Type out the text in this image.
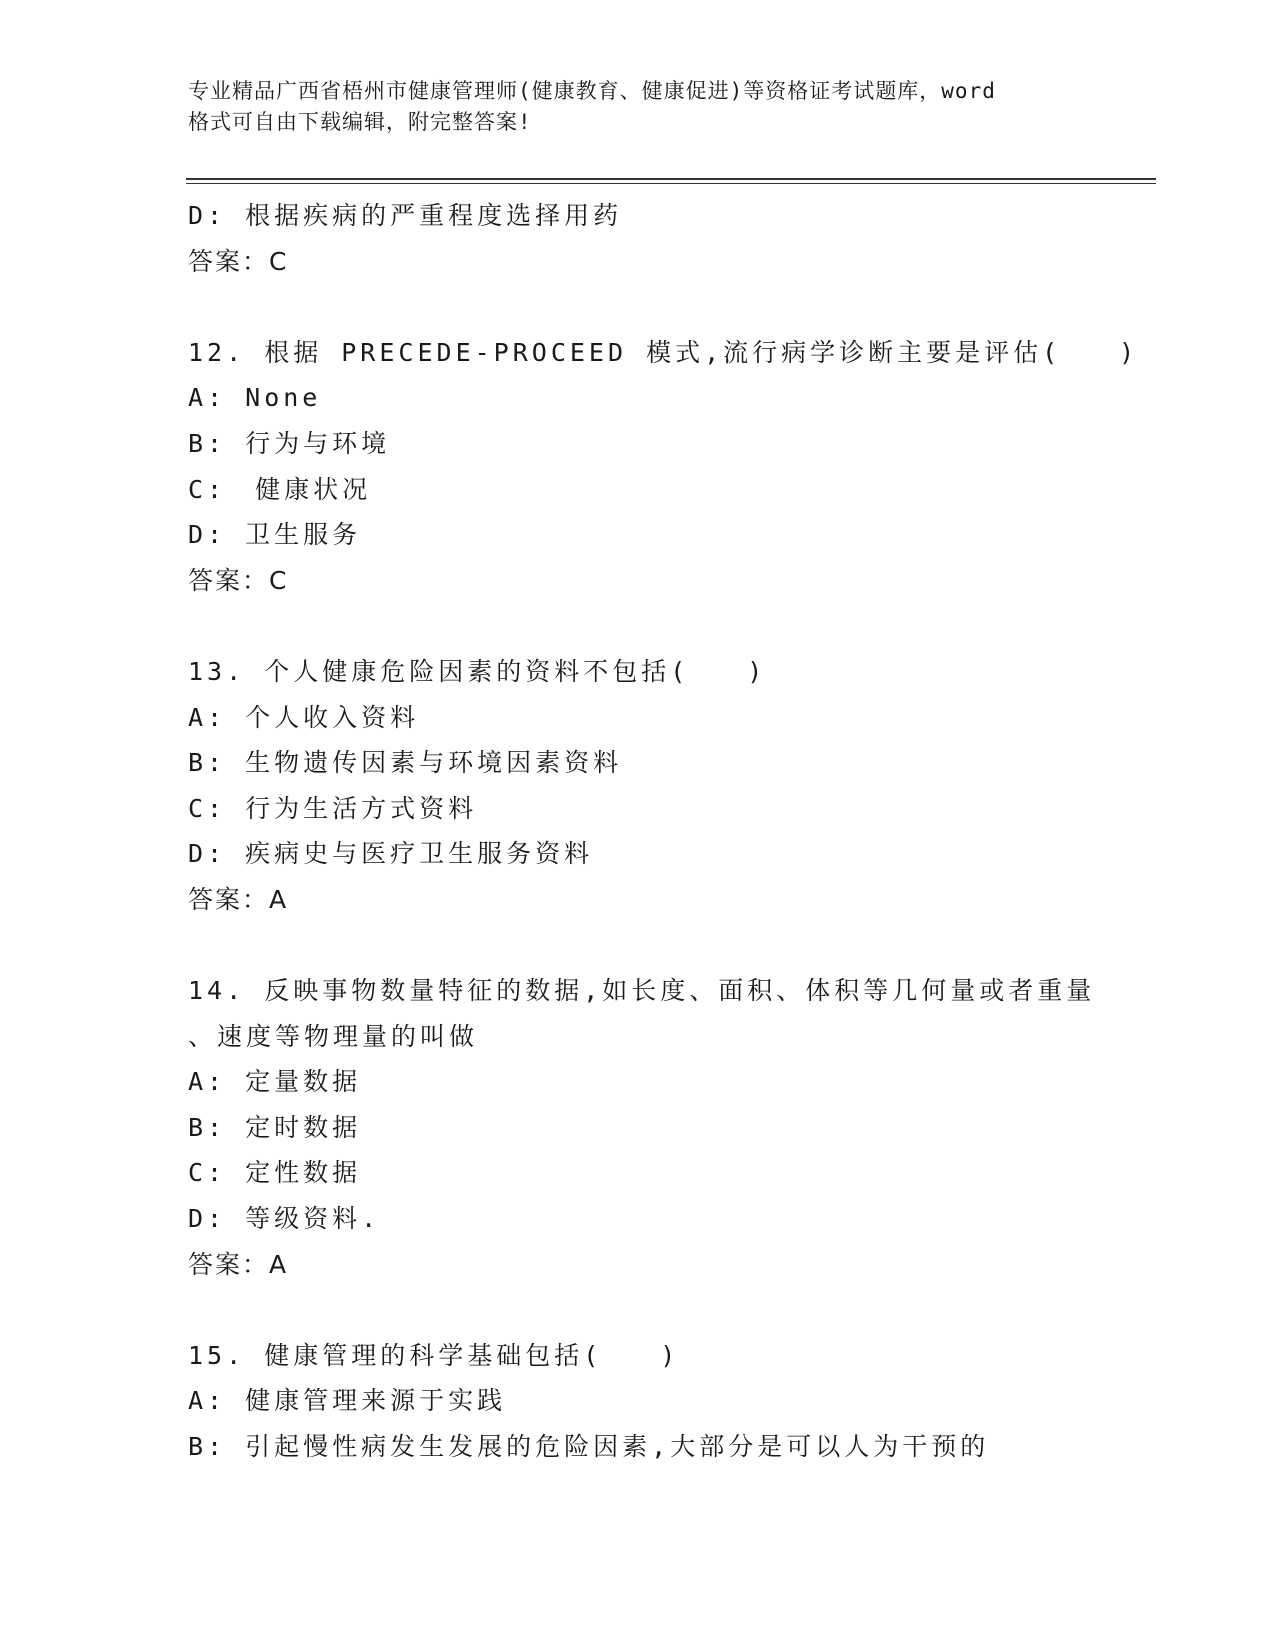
专业精品广西省梧州市健康管理师(健康教育、健康促进)等资格证考试题库，word
格式可自由下载编辑，附完整答案!
D: 根据疾病的严重程度选择用药
答案：C
12. 根据 PRECEDE-PROCEED 模式,流行病学诊断主要是评估(　　)
A: None
B: 行为与环境
C:　健康状况
D: 卫生服务
答案：C
13. 个人健康危险因素的资料不包括(　　)
A: 个人收入资料
B: 生物遗传因素与环境因素资料
C: 行为生活方式资料
D: 疾病史与医疗卫生服务资料
答案：A
14. 反映事物数量特征的数据,如长度、面积、体积等几何量或者重量
、速度等物理量的叫做
A: 定量数据
B: 定时数据
C: 定性数据
D: 等级资料.
答案：A
15. 健康管理的科学基础包括(　　)
A: 健康管理来源于实践
B: 引起慢性病发生发展的危险因素,大部分是可以人为干预的
